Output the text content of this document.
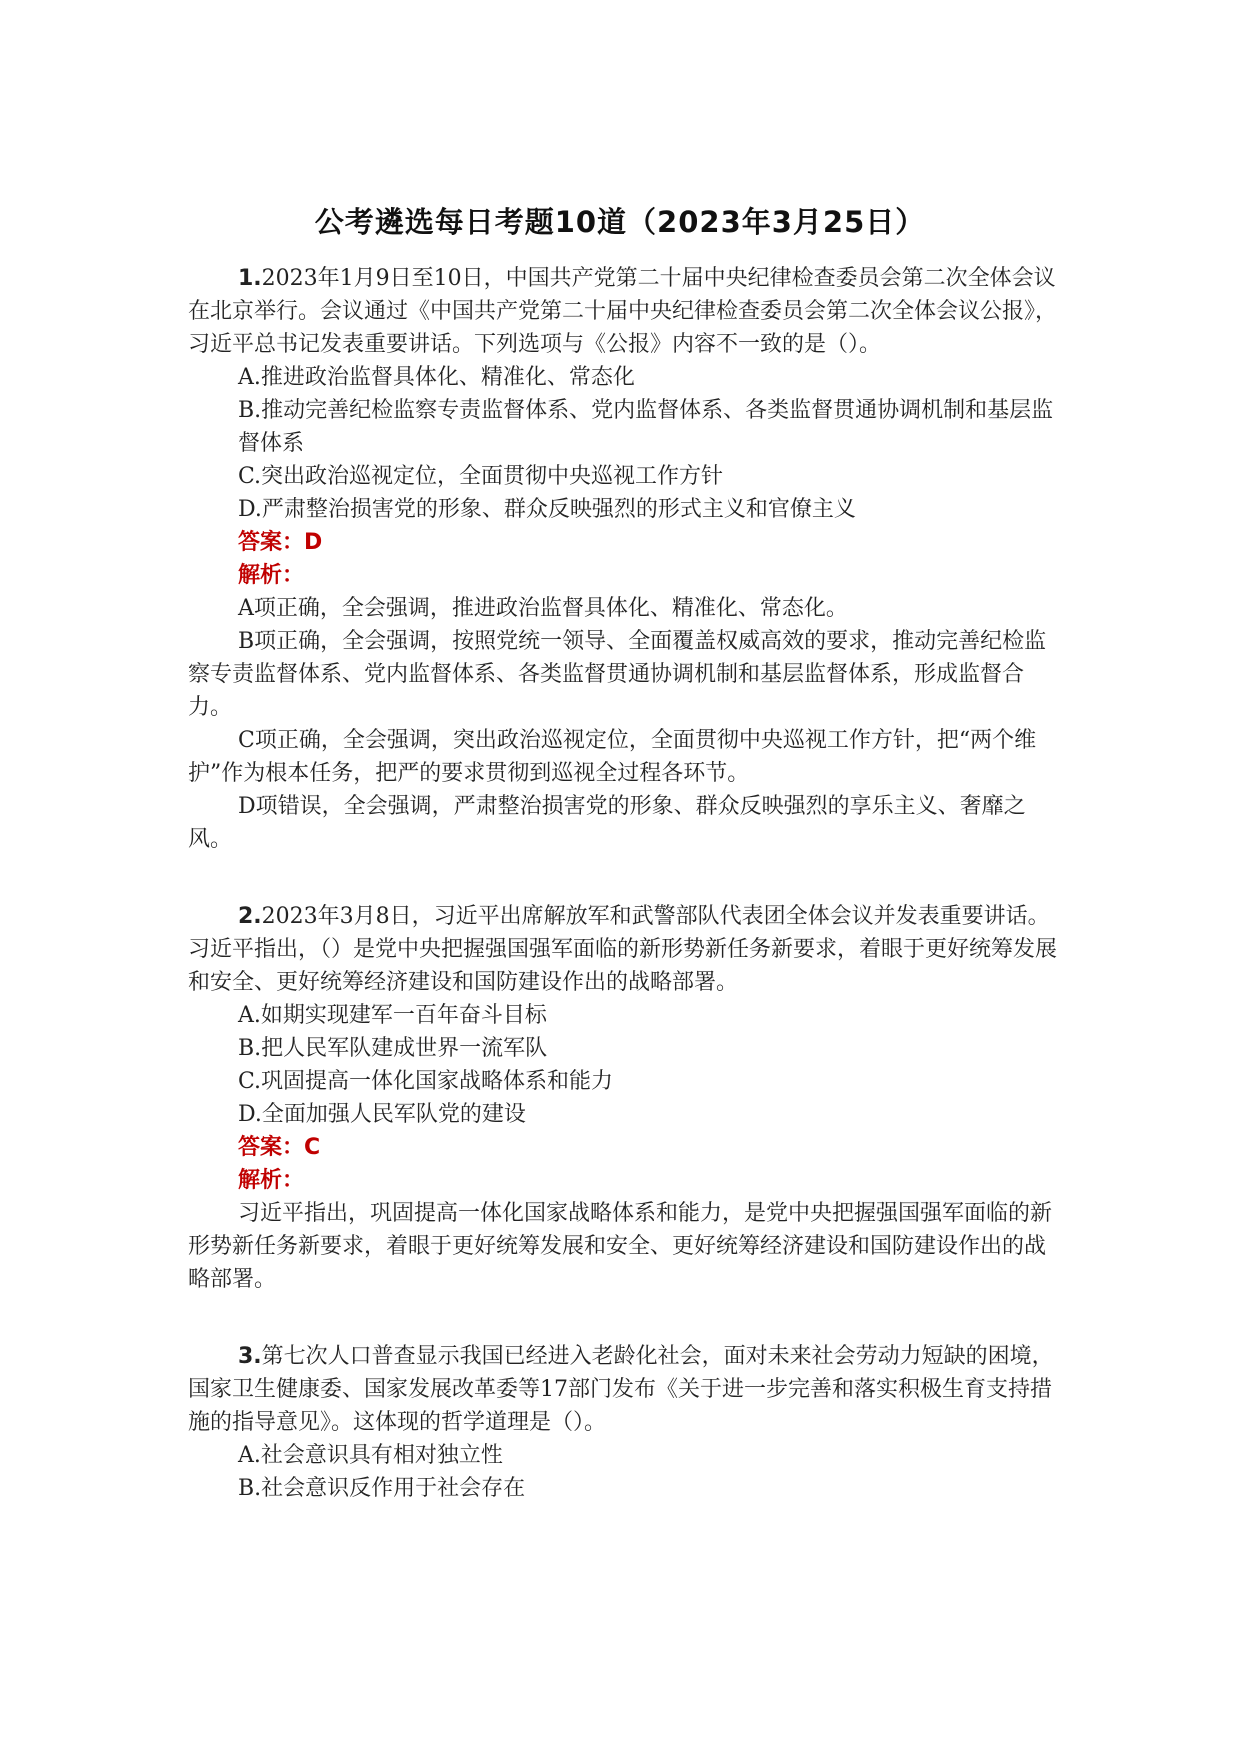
公考遴选每日考题10道（2023年3月25日）

1.2023年1月9日至10日，中国共产党第二十届中央纪律检查委员会第二次全体会议在北京举行。会议通过《中国共产党第二十届中央纪律检查委员会第二次全体会议公报》，习近平总书记发表重要讲话。下列选项与《公报》内容不一致的是（）。

A.推进政治监督具体化、精准化、常态化

B.推动完善纪检监察专责监督体系、党内监督体系、各类监督贯通协调机制和基层监督体系

C.突出政治巡视定位，全面贯彻中央巡视工作方针

D.严肃整治损害党的形象、群众反映强烈的形式主义和官僚主义

答案：D

解析：

A项正确，全会强调，推进政治监督具体化、精准化、常态化。

B项正确，全会强调，按照党统一领导、全面覆盖权威高效的要求，推动完善纪检监察专责监督体系、党内监督体系、各类监督贯通协调机制和基层监督体系，形成监督合力。

C项正确，全会强调，突出政治巡视定位，全面贯彻中央巡视工作方针，把“两个维护”作为根本任务，把严的要求贯彻到巡视全过程各环节。

D项错误，全会强调，严肃整治损害党的形象、群众反映强烈的享乐主义、奢靡之风。

2.2023年3月8日，习近平出席解放军和武警部队代表团全体会议并发表重要讲话。习近平指出，（）是党中央把握强国强军面临的新形势新任务新要求，着眼于更好统筹发展和安全、更好统筹经济建设和国防建设作出的战略部署。

A.如期实现建军一百年奋斗目标

B.把人民军队建成世界一流军队

C.巩固提高一体化国家战略体系和能力

D.全面加强人民军队党的建设

答案：C

解析：

习近平指出，巩固提高一体化国家战略体系和能力，是党中央把握强国强军面临的新形势新任务新要求，着眼于更好统筹发展和安全、更好统筹经济建设和国防建设作出的战略部署。

3.第七次人口普查显示我国已经进入老龄化社会，面对未来社会劳动力短缺的困境，国家卫生健康委、国家发展改革委等17部门发布《关于进一步完善和落实积极生育支持措施的指导意见》。这体现的哲学道理是（）。

A.社会意识具有相对独立性

B.社会意识反作用于社会存在
